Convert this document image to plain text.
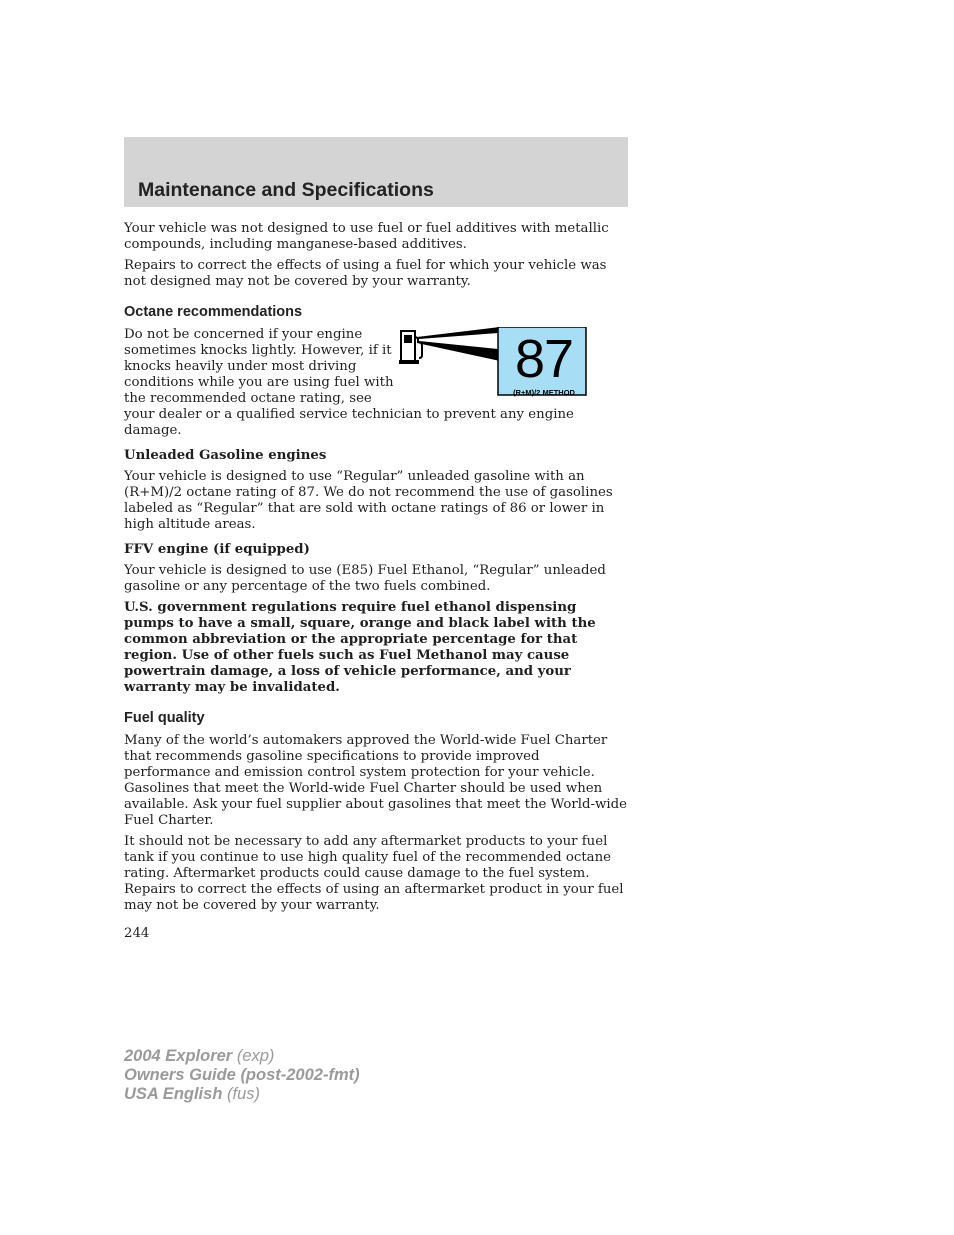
Maintenance and Specifications

Your vehicle was not designed to use fuel or fuel additives with metallic compounds, including manganese-based additives.

Repairs to correct the effects of using a fuel for which your vehicle was not designed may not be covered by your warranty.

Octane recommendations
87
(R+M)/2 METHOD

Do not be concerned if your engine sometimes knocks lightly. However, if it knocks heavily under most driving conditions while you are using fuel with the recommended octane rating, see your dealer or a qualified service technician to prevent any engine damage.

Unleaded Gasoline engines

Your vehicle is designed to use “Regular” unleaded gasoline with an (R+M)/2 octane rating of 87. We do not recommend the use of gasolines labeled as “Regular” that are sold with octane ratings of 86 or lower in high altitude areas.

FFV engine (if equipped)

Your vehicle is designed to use (E85) Fuel Ethanol, “Regular” unleaded gasoline or any percentage of the two fuels combined.

U.S. government regulations require fuel ethanol dispensing pumps to have a small, square, orange and black label with the common abbreviation or the appropriate percentage for that region. Use of other fuels such as Fuel Methanol may cause powertrain damage, a loss of vehicle performance, and your warranty may be invalidated.

Fuel quality

Many of the world’s automakers approved the World-wide Fuel Charter that recommends gasoline specifications to provide improved performance and emission control system protection for your vehicle. Gasolines that meet the World-wide Fuel Charter should be used when available. Ask your fuel supplier about gasolines that meet the World-wide Fuel Charter.

It should not be necessary to add any aftermarket products to your fuel tank if you continue to use high quality fuel of the recommended octane rating. Aftermarket products could cause damage to the fuel system. Repairs to correct the effects of using an aftermarket product in your fuel may not be covered by your warranty.

244
2004 Explorer (exp)
Owners Guide (post-2002-fmt)
USA English (fus)
